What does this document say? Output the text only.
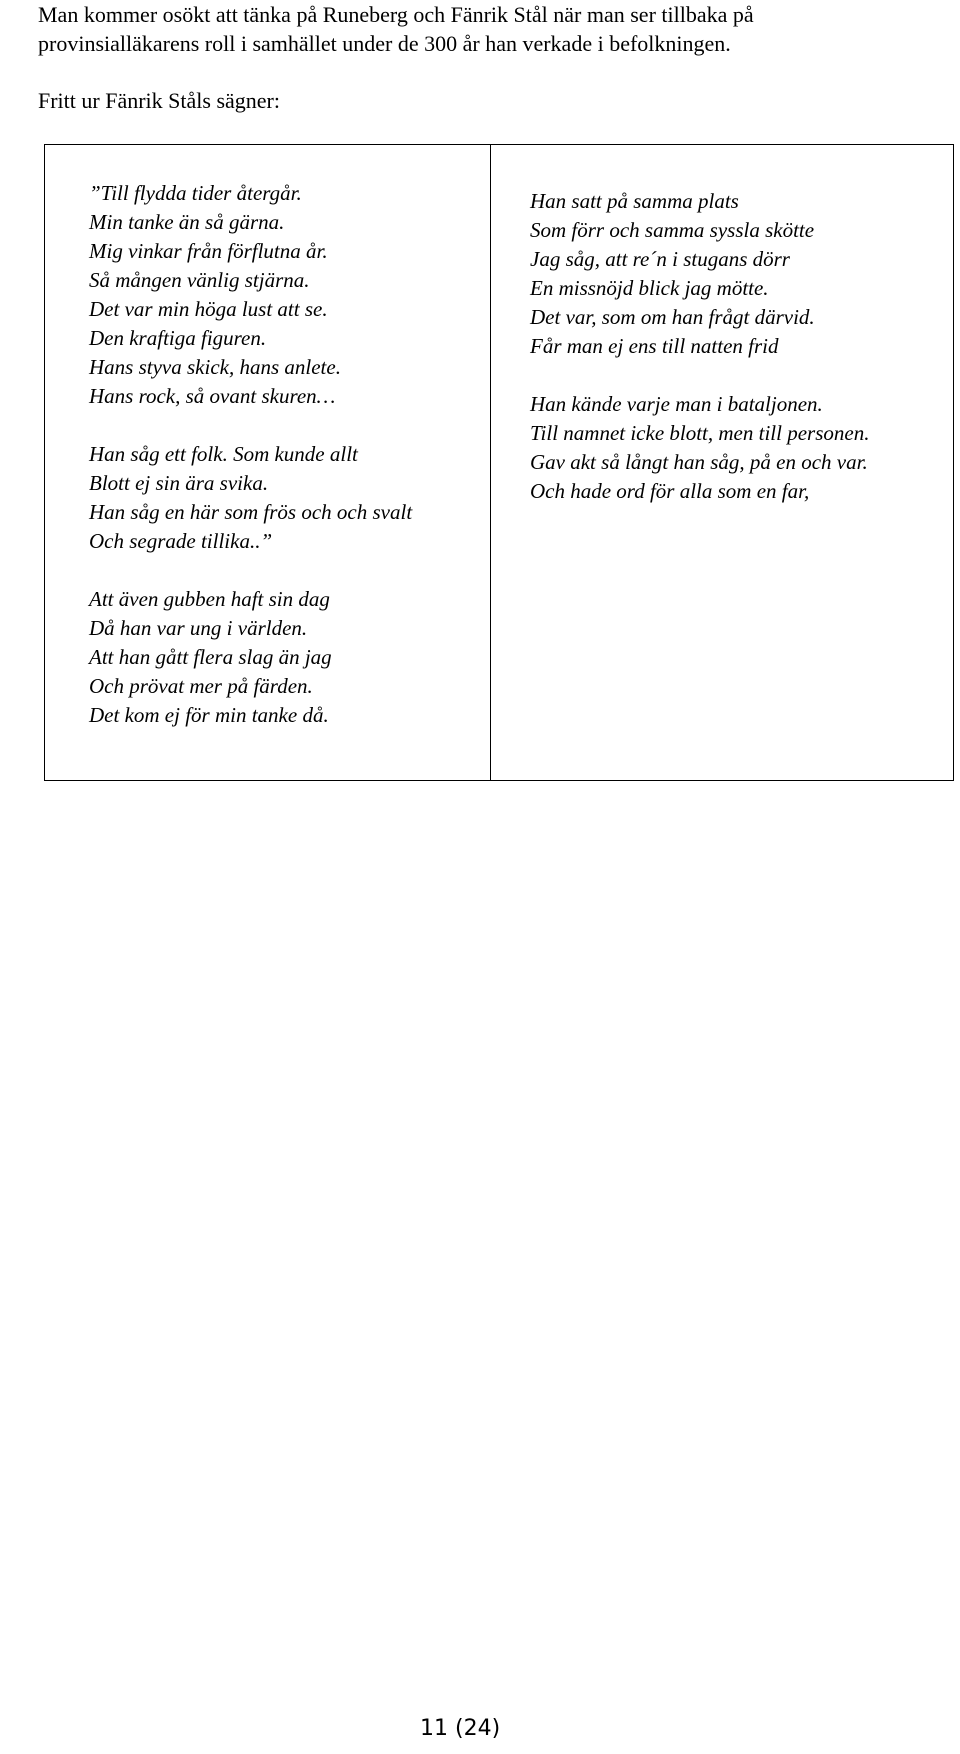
Man kommer osökt att tänka på Runeberg och Fänrik Stål när man ser tillbaka på

provinsialläkarens roll i samhället under de 300 år han verkade i befolkningen.

Fritt ur Fänrik Ståls sägner:

”Till flydda tider återgår.
Min tanke än så gärna.
Mig vinkar från förflutna år.
Så mången vänlig stjärna.
Det var min höga lust att se.
Den kraftiga figuren.
Hans styva skick, hans anlete.
Hans rock, så ovant skuren…
Han såg ett folk. Som kunde allt
Blott ej sin ära svika.
Han såg en här som frös och och svalt
Och segrade tillika..”
Att även gubben haft sin dag
Då han var ung i världen.
Att han gått flera slag än jag
Och prövat mer på färden.
Det kom ej för min tanke då.
Han satt på samma plats
Som förr och samma syssla skötte
Jag såg, att re´n i stugans dörr
En missnöjd blick jag mötte.
Det var, som om han frågt därvid.
Får man ej ens till natten frid
Han kände varje man i bataljonen.
Till namnet icke blott, men till personen.
Gav akt så långt han såg, på en och var.
Och hade ord för alla som en far,

11 (24)
